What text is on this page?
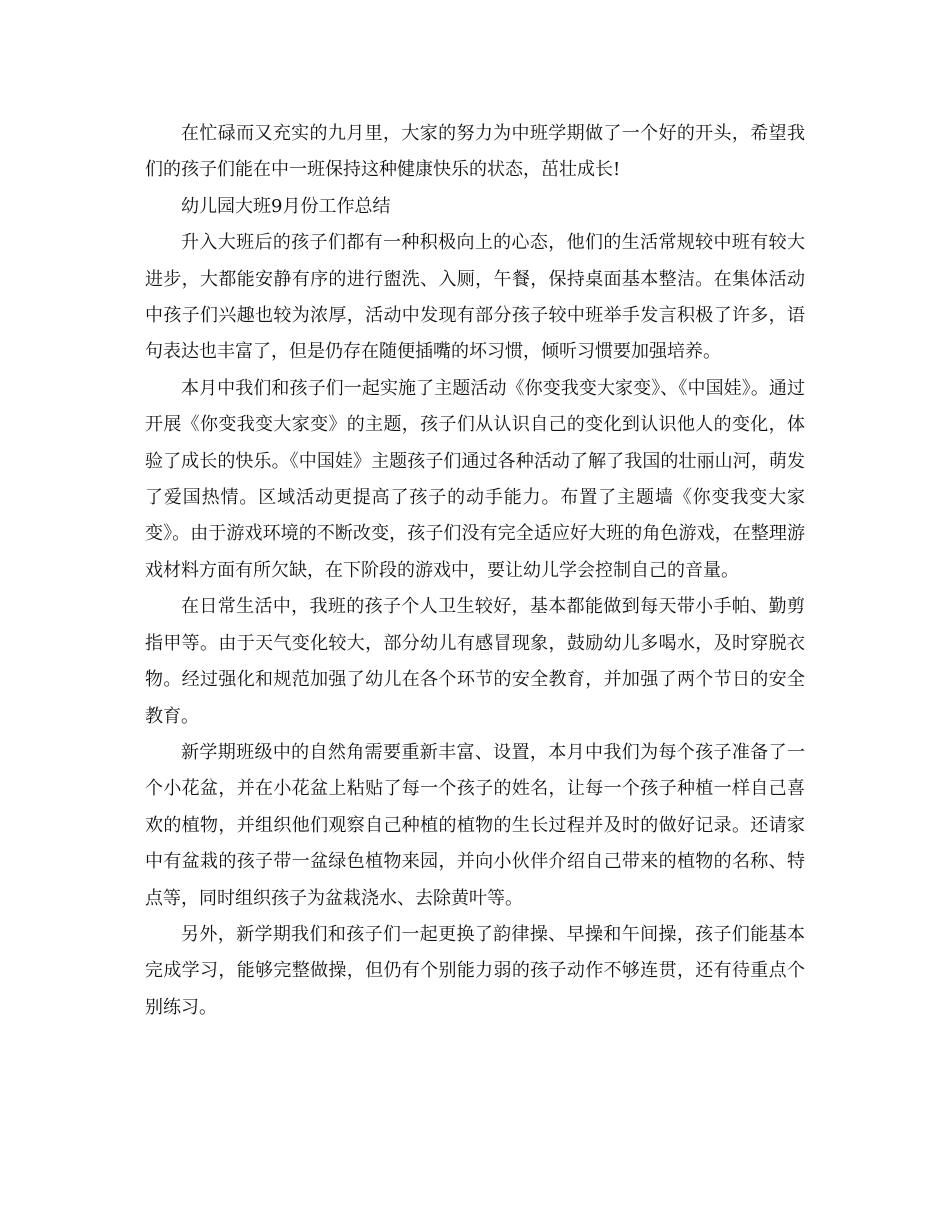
在忙碌而又充实的九月里，大家的努力为中班学期做了一个好的开头，希望我们的孩子们能在中一班保持这种健康快乐的状态，茁壮成长!

幼儿园大班9月份工作总结

升入大班后的孩子们都有一种积极向上的心态，他们的生活常规较中班有较大进步，大都能安静有序的进行盥洗、入厕，午餐，保持桌面基本整洁。在集体活动中孩子们兴趣也较为浓厚，活动中发现有部分孩子较中班举手发言积极了许多，语句表达也丰富了，但是仍存在随便插嘴的坏习惯，倾听习惯要加强培养。

本月中我们和孩子们一起实施了主题活动《你变我变大家变》、《中国娃》。通过开展《你变我变大家变》的主题，孩子们从认识自己的变化到认识他人的变化，体验了成长的快乐。《中国娃》主题孩子们通过各种活动了解了我国的壮丽山河，萌发了爱国热情。区域活动更提高了孩子的动手能力。布置了主题墙《你变我变大家变》。由于游戏环境的不断改变，孩子们没有完全适应好大班的角色游戏，在整理游戏材料方面有所欠缺，在下阶段的游戏中，要让幼儿学会控制自己的音量。

在日常生活中，我班的孩子个人卫生较好，基本都能做到每天带小手帕、勤剪指甲等。由于天气变化较大，部分幼儿有感冒现象，鼓励幼儿多喝水，及时穿脱衣物。经过强化和规范加强了幼儿在各个环节的安全教育，并加强了两个节日的安全教育。

新学期班级中的自然角需要重新丰富、设置，本月中我们为每个孩子准备了一个小花盆，并在小花盆上粘贴了每一个孩子的姓名，让每一个孩子种植一样自己喜欢的植物，并组织他们观察自己种植的植物的生长过程并及时的做好记录。还请家中有盆栽的孩子带一盆绿色植物来园，并向小伙伴介绍自己带来的植物的名称、特点等，同时组织孩子为盆栽浇水、去除黄叶等。

另外，新学期我们和孩子们一起更换了韵律操、早操和午间操，孩子们能基本完成学习，能够完整做操，但仍有个别能力弱的孩子动作不够连贯，还有待重点个别练习。
